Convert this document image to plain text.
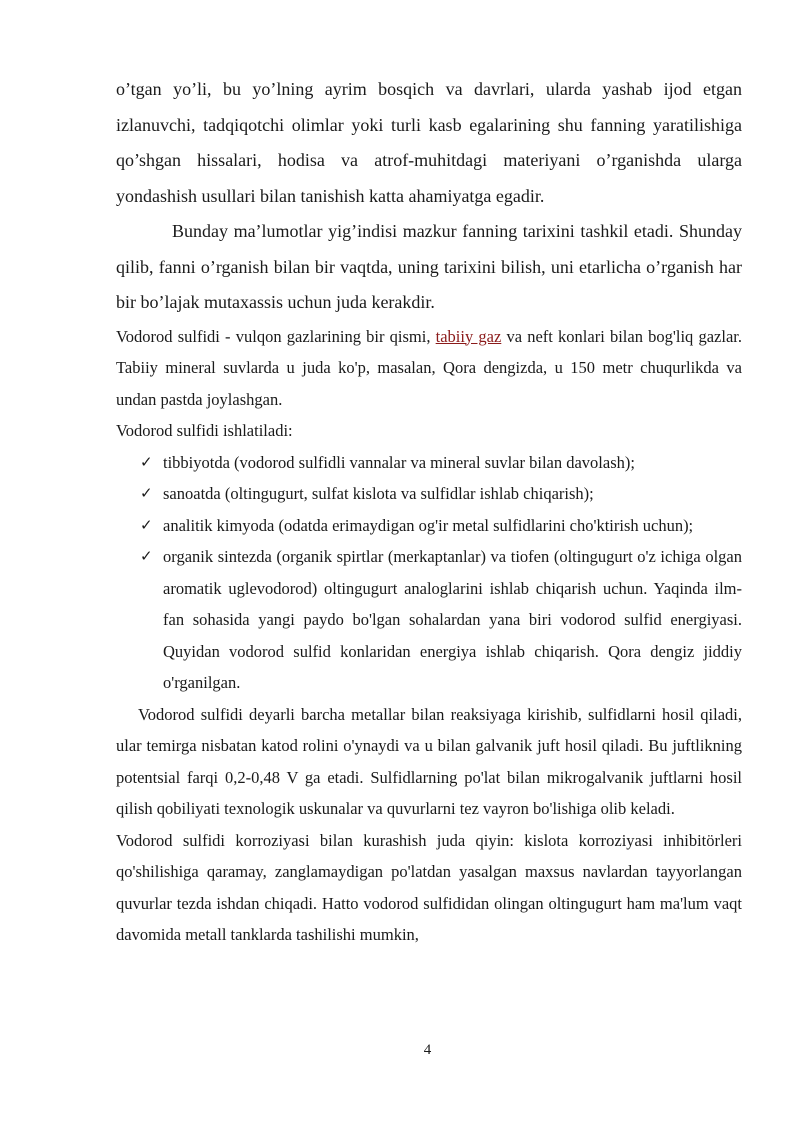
o’tgan yo’li, bu yo’lning ayrim bosqich va davrlari, ularda yashab ijod etgan izlanuvchi, tadqiqotchi olimlar yoki turli kasb egalarining shu fanning yaratilishiga qo’shgan hissalari, hodisa va atrof-muhitdagi materiyani o’rganishda ularga yondashish usullari bilan tanishish katta ahamiyatga egadir.

Bunday ma’lumotlar yig’indisi mazkur fanning tarixini tashkil etadi. Shunday qilib, fanni o’rganish bilan bir vaqtda, uning tarixini bilish, uni etarlicha o’rganish har bir bo’lajak mutaxassis uchun juda kerakdir.

Vodorod sulfidi - vulqon gazlarining bir qismi, tabiiy gaz va neft konlari bilan bog'liq gazlar. Tabiiy mineral suvlarda u juda ko'p, masalan, Qora dengizda, u 150 metr chuqurlikda va undan pastda joylashgan.

Vodorod sulfidi ishlatiladi:

✓ tibbiyotda (vodorod sulfidli vannalar va mineral suvlar bilan davolash);
✓ sanoatda (oltingugurt, sulfat kislota va sulfidlar ishlab chiqarish);
✓ analitik kimyoda (odatda erimaydigan og'ir metal sulfidlarini cho'ktirish uchun);
✓ organik sintezda (organik spirtlar (merkaptanlar) va tiofen (oltingugurt o'z ichiga olgan aromatik uglevodorod) oltingugurt analoglarini ishlab chiqarish uchun. Yaqinda ilm-fan sohasida yangi paydo bo'lgan sohalardan yana biri vodorod sulfid energiyasi. Quyidan vodorod sulfid konlaridan energiya ishlab chiqarish. Qora dengiz jiddiy o'rganilgan.

Vodorod sulfidi deyarli barcha metallar bilan reaksiyaga kirishib, sulfidlarni hosil qiladi, ular temirga nisbatan katod rolini o'ynaydi va u bilan galvanik juft hosil qiladi. Bu juftlikning potentsial farqi 0,2-0,48 V ga etadi. Sulfidlarning po'lat bilan mikrogalvanik juftlarni hosil qilish qobiliyati texnologik uskunalar va quvurlarni tez vayron bo'lishiga olib keladi.

Vodorod sulfidi korroziyasi bilan kurashish juda qiyin: kislota korroziyasi inhibitörleri qo'shilishiga qaramay, zanglamaydigan po'latdan yasalgan maxsus navlardan tayyorlangan quvurlar tezda ishdan chiqadi. Hatto vodorod sulfididan olingan oltingugurt ham ma'lum vaqt davomida metall tanklarda tashilishi mumkin,

4
